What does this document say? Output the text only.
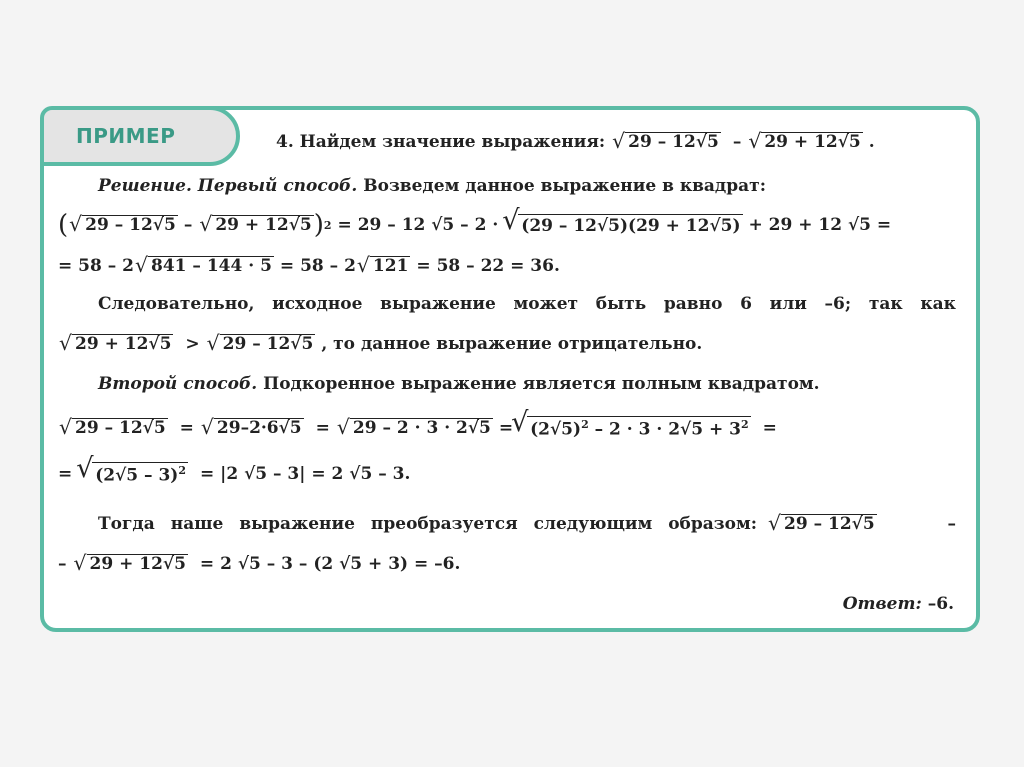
ПРИМЕР	4. Найдем значение выражения: √ 29 – 12√5 – √ 29 + 12√5 .
Решение. Первый способ. Возведем данное выражение в квадрат:
( √ 29 – 12√5 – √ 29 + 12√5 ) 2 = 29 – 12 √5 – 2 · √ (29 – 12√5)(29 + 12√5) + 29 + 12 √5 =
= 58 – 2 √ 841 – 144 · 5 = 58 – 2 √ 121 = 58 – 22 = 36.
Следовательно, исходное выражение может быть равно 6 или –6; так как
√ 29 + 12√5 > √ 29 – 12√5 , то данное выражение отрицательно.
Второй способ. Подкоренное выражение является полным квадратом.
√ 29 – 12√5 = √ 29–2·6√5 = √ 29 – 2 · 3 · 2√5 = √ $(2√5)^2 - 2 \cdot 3 \cdot 2√5 + 3^2$ =
= √ (2√5 – 3)$^2$ = |2 √5 – 3| = 2 √5 – 3.
Тогда наше выражение преобразуется следующим образом: √ 29 – 12√5	–
– √ 29 + 12√5 = 2 √5 – 3 – (2 √5 + 3) = –6.
Ответ: –6.
